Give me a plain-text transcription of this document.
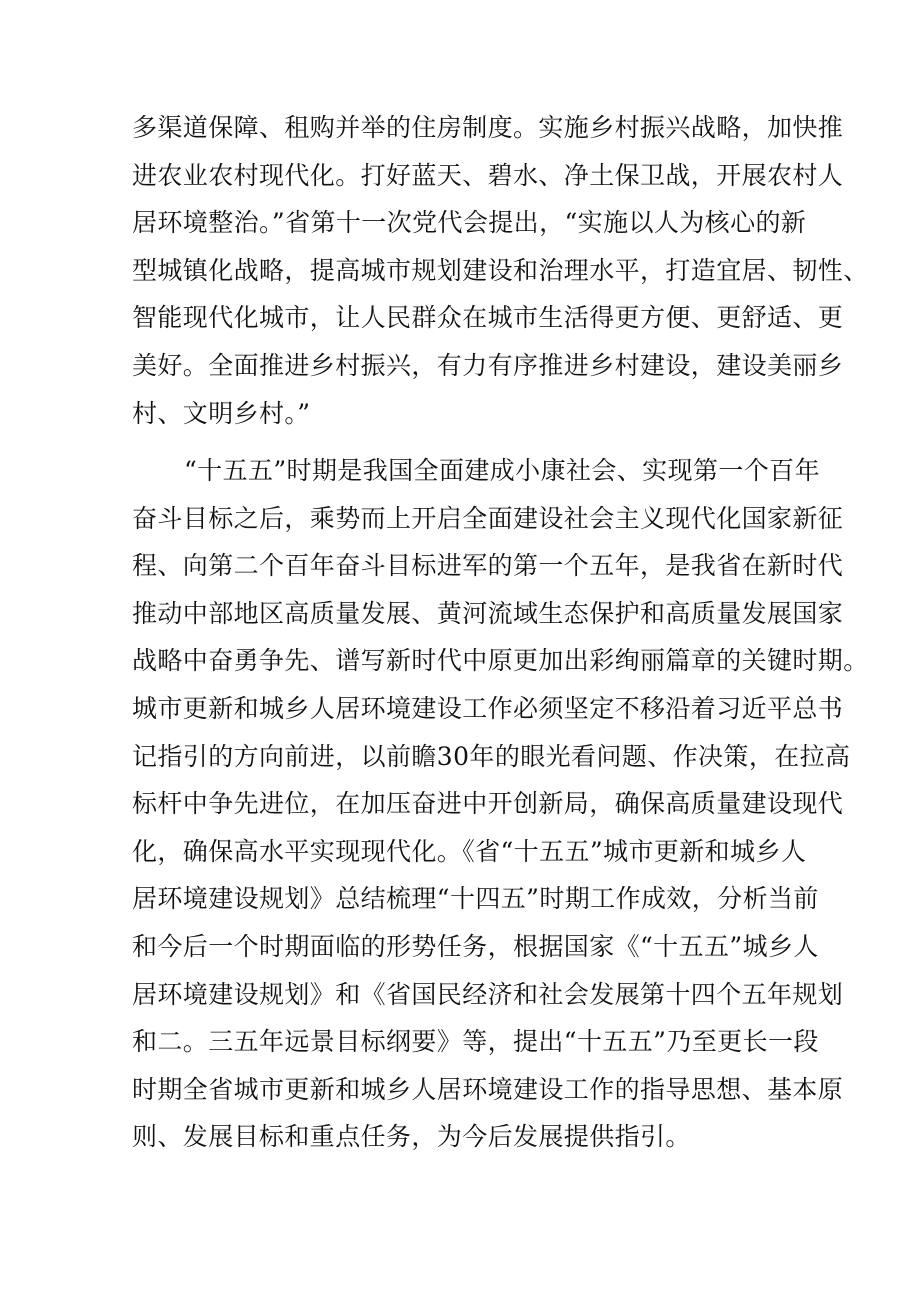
多渠道保障、租购并举的住房制度。实施乡村振兴战略，加快推
进农业农村现代化。打好蓝天、碧水、净土保卫战，开展农村人
居环境整治。”省第十一次党代会提出，“实施以人为核心的新
型城镇化战略，提高城市规划建设和治理水平，打造宜居、韧性、
智能现代化城市，让人民群众在城市生活得更方便、更舒适、更
美好。全面推进乡村振兴，有力有序推进乡村建设，建设美丽乡
村、文明乡村。”
“十五五”时期是我国全面建成小康社会、实现第一个百年
奋斗目标之后，乘势而上开启全面建设社会主义现代化国家新征
程、向第二个百年奋斗目标进军的第一个五年，是我省在新时代
推动中部地区高质量发展、黄河流域生态保护和高质量发展国家
战略中奋勇争先、谱写新时代中原更加出彩绚丽篇章的关键时期。
城市更新和城乡人居环境建设工作必须坚定不移沿着习近平总书
记指引的方向前进，以前瞻30年的眼光看问题、作决策，在拉高
标杆中争先进位，在加压奋进中开创新局，确保高质量建设现代
化，确保高水平实现现代化。《省“十五五”城市更新和城乡人
居环境建设规划》总结梳理“十四五”时期工作成效，分析当前
和今后一个时期面临的形势任务，根据国家《“十五五”城乡人
居环境建设规划》和《省国民经济和社会发展第十四个五年规划
和二。三五年远景目标纲要》等，提出“十五五”乃至更长一段
时期全省城市更新和城乡人居环境建设工作的指导思想、基本原
则、发展目标和重点任务，为今后发展提供指引。
